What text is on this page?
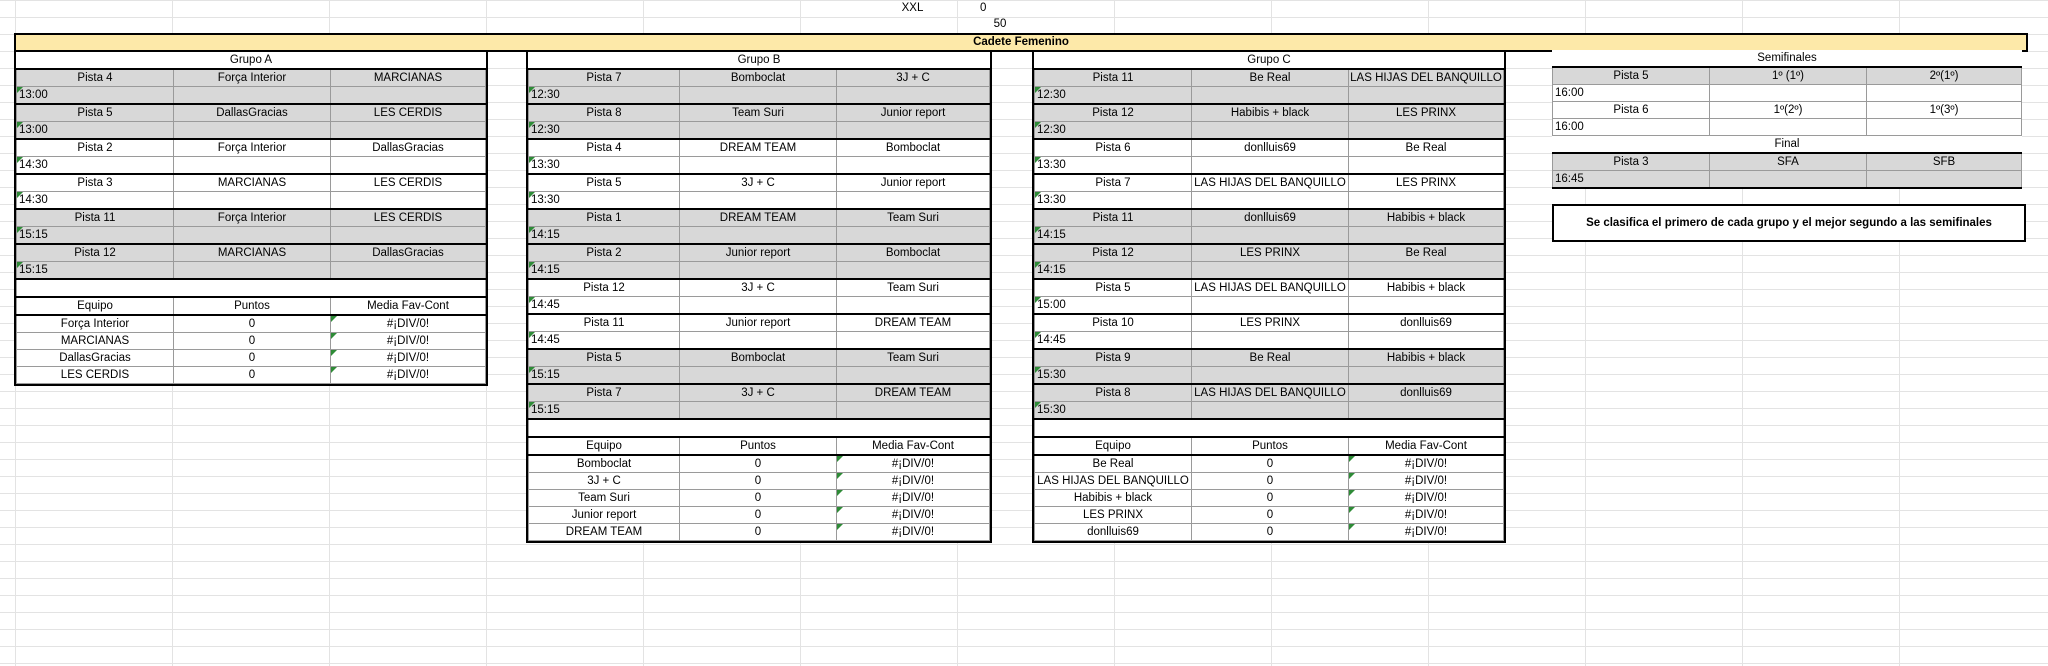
XXL	0
50
Cadete Femenino
Grupo A		
Pista 4	Força Interior	MARCIANAS
13:00		
Pista 5	DallasGracias	LES CERDIS
13:00		
Pista 2	Força Interior	DallasGracias
14:30		
Pista 3	MARCIANAS	LES CERDIS
14:30		
Pista 11	Força Interior	LES CERDIS
15:15		
Pista 12	MARCIANAS	DallasGracias
15:15		

Equipo	Puntos	Media Fav-Cont
Força Interior	0	#¡DIV/0!
MARCIANAS	0	#¡DIV/0!
DallasGracias	0	#¡DIV/0!
LES CERDIS	0	#¡DIV/0!
Grupo B		
Pista 7	Bomboclat	3J + C
12:30		
Pista 8	Team Suri	Junior report
12:30		
Pista 4	DREAM TEAM	Bomboclat
13:30		
Pista 5	3J + C	Junior report
13:30		
Pista 1	DREAM TEAM	Team Suri
14:15		
Pista 2	Junior report	Bomboclat
14:15		
Pista 12	3J + C	Team Suri
14:45		
Pista 11	Junior report	DREAM TEAM
14:45		
Pista 5	Bomboclat	Team Suri
15:15		
Pista 7	3J + C	DREAM TEAM
15:15		

Equipo	Puntos	Media Fav-Cont
Bomboclat	0	#¡DIV/0!
3J + C	0	#¡DIV/0!
Team Suri	0	#¡DIV/0!
Junior report	0	#¡DIV/0!
DREAM TEAM	0	#¡DIV/0!
Grupo C		
Pista 11	Be Real	LAS HIJAS DEL BANQUILLO
12:30		
Pista 12	Habibis + black	LES PRINX
12:30		
Pista 6	donlluis69	Be Real
13:30		
Pista 7	LAS HIJAS DEL BANQUILLO	LES PRINX
13:30		
Pista 11	donlluis69	Habibis + black
14:15		
Pista 12	LES PRINX	Be Real
14:15		
Pista 5	LAS HIJAS DEL BANQUILLO	Habibis + black
15:00		
Pista 10	LES PRINX	donlluis69
14:45		
Pista 9	Be Real	Habibis + black
15:30		
Pista 8	LAS HIJAS DEL BANQUILLO	donlluis69
15:30		

Equipo	Puntos	Media Fav-Cont
Be Real	0	#¡DIV/0!
LAS HIJAS DEL BANQUILLO	0	#¡DIV/0!
Habibis + black	0	#¡DIV/0!
LES PRINX	0	#¡DIV/0!
donlluis69	0	#¡DIV/0!
Semifinales		
Pista 5	1º (1º)	2º(1º)
16:00		
Pista 6	1º(2º)	1º(3º)
16:00		
Final		
Pista 3	SFA	SFB
16:45		
Se clasifica el primero de cada grupo y el mejor segundo a las semifinales
